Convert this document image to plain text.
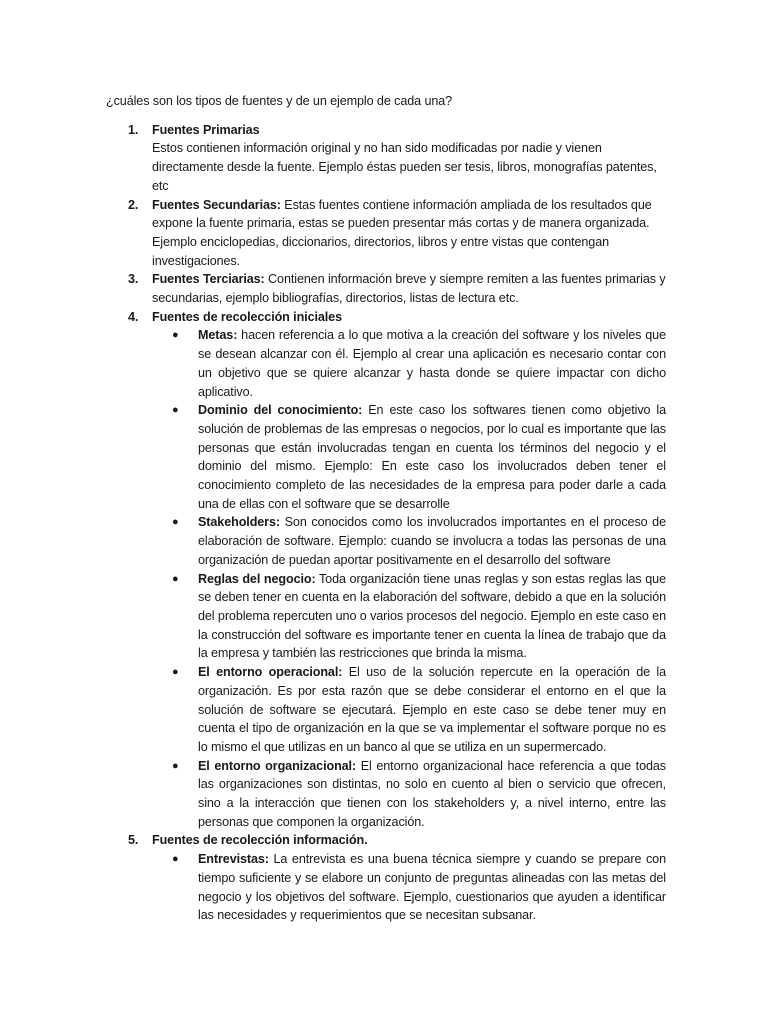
¿cuáles son los tipos de fuentes y de un ejemplo de cada una?

1. Fuentes Primarias
Estos contienen información original y no han sido modificadas por nadie y vienen directamente desde la fuente. Ejemplo éstas pueden ser tesis, libros, monografías patentes, etc
2. Fuentes Secundarias: Estas fuentes contiene información ampliada de los resultados que expone la fuente primaria, estas se pueden presentar más cortas y de manera organizada. Ejemplo enciclopedias, diccionarios, directorios, libros y entre vistas que contengan investigaciones.
3. Fuentes Terciarias: Contienen información breve y siempre remiten a las fuentes primarias y secundarias, ejemplo bibliografías, directorios, listas de lectura etc.
4. Fuentes de recolección iniciales
● Metas: hacen referencia a lo que motiva a la creación del software y los niveles que se desean alcanzar con él. Ejemplo al crear una aplicación es necesario contar con un objetivo que se quiere alcanzar y hasta donde se quiere impactar con dicho aplicativo.
● Dominio del conocimiento: En este caso los softwares tienen como objetivo la solución de problemas de las empresas o negocios, por lo cual es importante que las personas que están involucradas tengan en cuenta los términos del negocio y el dominio del mismo. Ejemplo: En este caso los involucrados deben tener el conocimiento completo de las necesidades de la empresa para poder darle a cada una de ellas con el software que se desarrolle
● Stakeholders: Son conocidos como los involucrados importantes en el proceso de elaboración de software. Ejemplo: cuando se involucra a todas las personas de una organización de puedan aportar positivamente en el desarrollo del software
● Reglas del negocio: Toda organización tiene unas reglas y son estas reglas las que se deben tener en cuenta en la elaboración del software, debido a que en la solución del problema repercuten uno o varios procesos del negocio. Ejemplo en este caso en la construcción del software es importante tener en cuenta la línea de trabajo que da la empresa y también las restricciones que brinda la misma.
● El entorno operacional: El uso de la solución repercute en la operación de la organización. Es por esta razón que se debe considerar el entorno en el que la solución de software se ejecutará. Ejemplo en este caso se debe tener muy en cuenta el tipo de organización en la que se va implementar el software porque no es lo mismo el que utilizas en un banco al que se utiliza en un supermercado.
● El entorno organizacional: El entorno organizacional hace referencia a que todas las organizaciones son distintas, no solo en cuento al bien o servicio que ofrecen, sino a la interacción que tienen con los stakeholders y, a nivel interno, entre las personas que componen la organización.
5. Fuentes de recolección información.
● Entrevistas: La entrevista es una buena técnica siempre y cuando se prepare con tiempo suficiente y se elabore un conjunto de preguntas alineadas con las metas del negocio y los objetivos del software. Ejemplo, cuestionarios que ayuden a identificar las necesidades y requerimientos que se necesitan subsanar.
